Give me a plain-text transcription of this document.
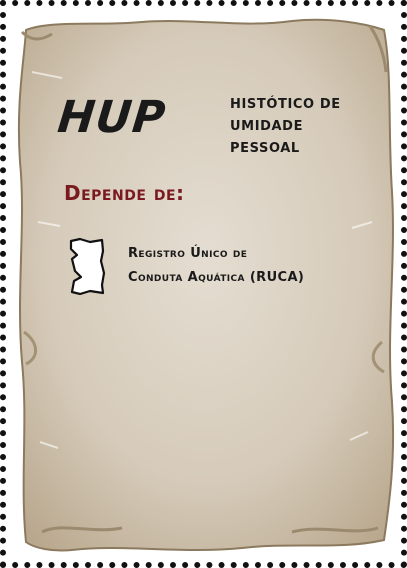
HUP	HISTÓTICO DE
UMIDADE
PESSOAL
Depende de:
Registro Único de
Conduta Aquática (RUCA)
